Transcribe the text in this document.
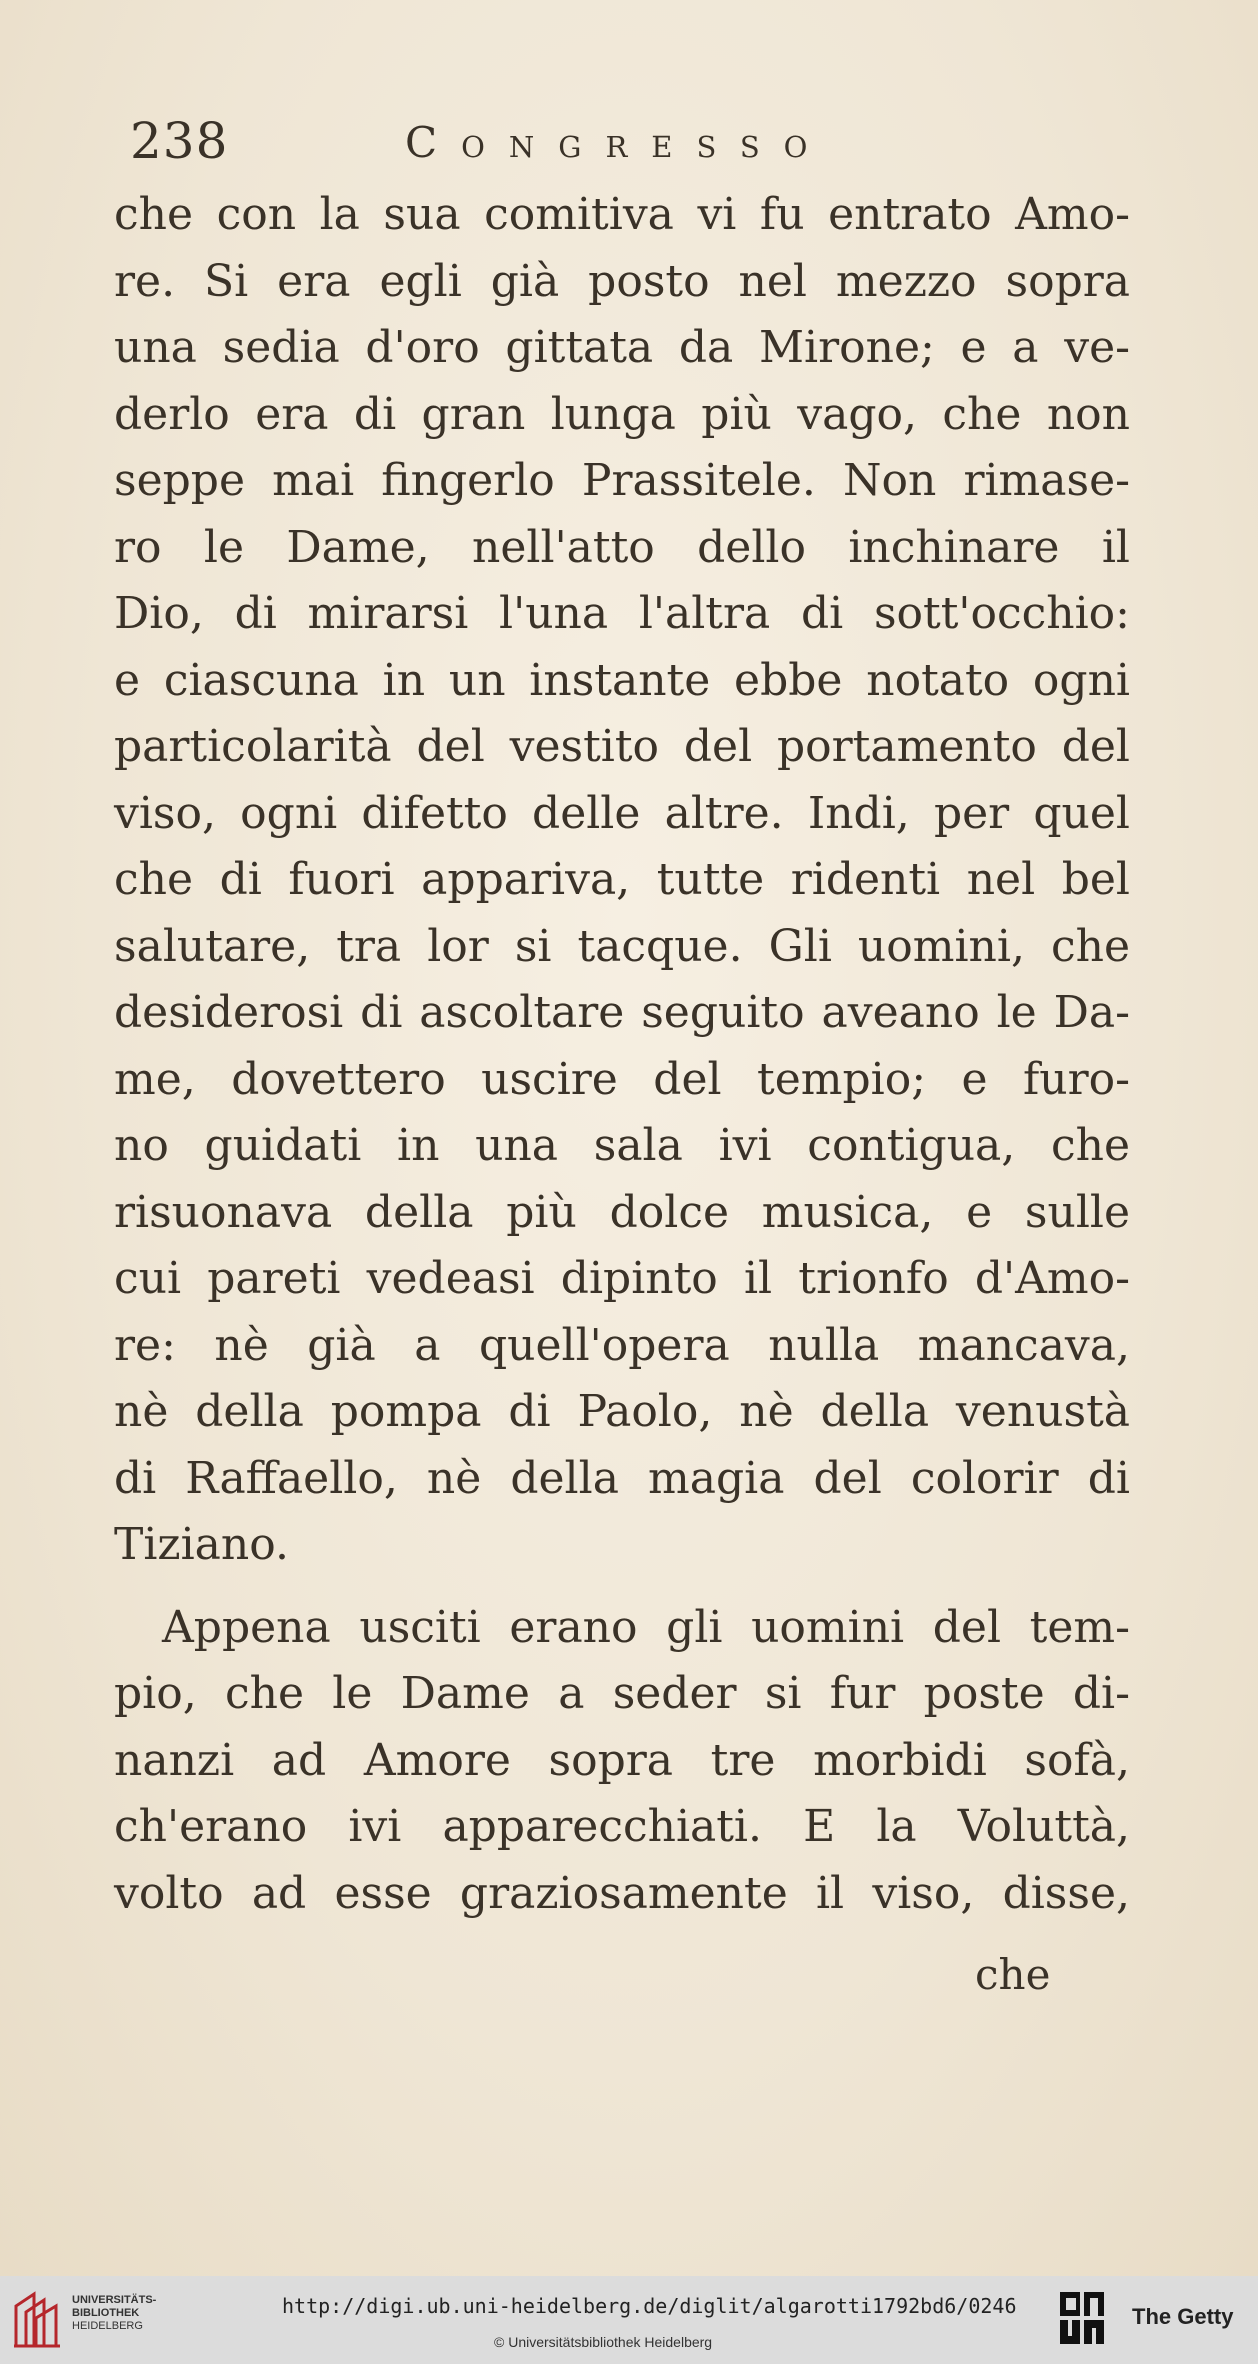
238	Congresso
che con la sua comitiva vi fu entrato Amo-
re. Si era egli già posto nel mezzo sopra
una sedia d'oro gittata da Mirone; e a ve-
derlo era di gran lunga più vago, che non
seppe mai fingerlo Prassitele. Non rimase-
ro le Dame, nell'atto dello inchinare il
Dio, di mirarsi l'una l'altra di sott'occhio:
e ciascuna in un instante ebbe notato ogni
particolarità del vestito del portamento del
viso, ogni difetto delle altre. Indi, per quel
che di fuori appariva, tutte ridenti nel bel
salutare, tra lor si tacque. Gli uomini, che
desiderosi di ascoltare seguito aveano le Da-
me, dovettero uscire del tempio; e furo-
no guidati in una sala ivi contigua, che
risuonava della più dolce musica, e sulle
cui pareti vedeasi dipinto il trionfo d'Amo-
re: nè già a quell'opera nulla mancava,
nè della pompa di Paolo, nè della venustà
di Raffaello, nè della magia del colorir di
Tiziano.
Appena usciti erano gli uomini del tem-
pio, che le Dame a seder si fur poste di-
nanzi ad Amore sopra tre morbidi sofà,
ch'erano ivi apparecchiati. E la Voluttà,
volto ad esse graziosamente il viso, disse,
che
UNIVERSITÄTS-
BIBLIOTHEK
HEIDELBERG
http://digi.ub.uni-heidelberg.de/diglit/algarotti1792bd6/0246
© Universitätsbibliothek Heidelberg
The Getty
